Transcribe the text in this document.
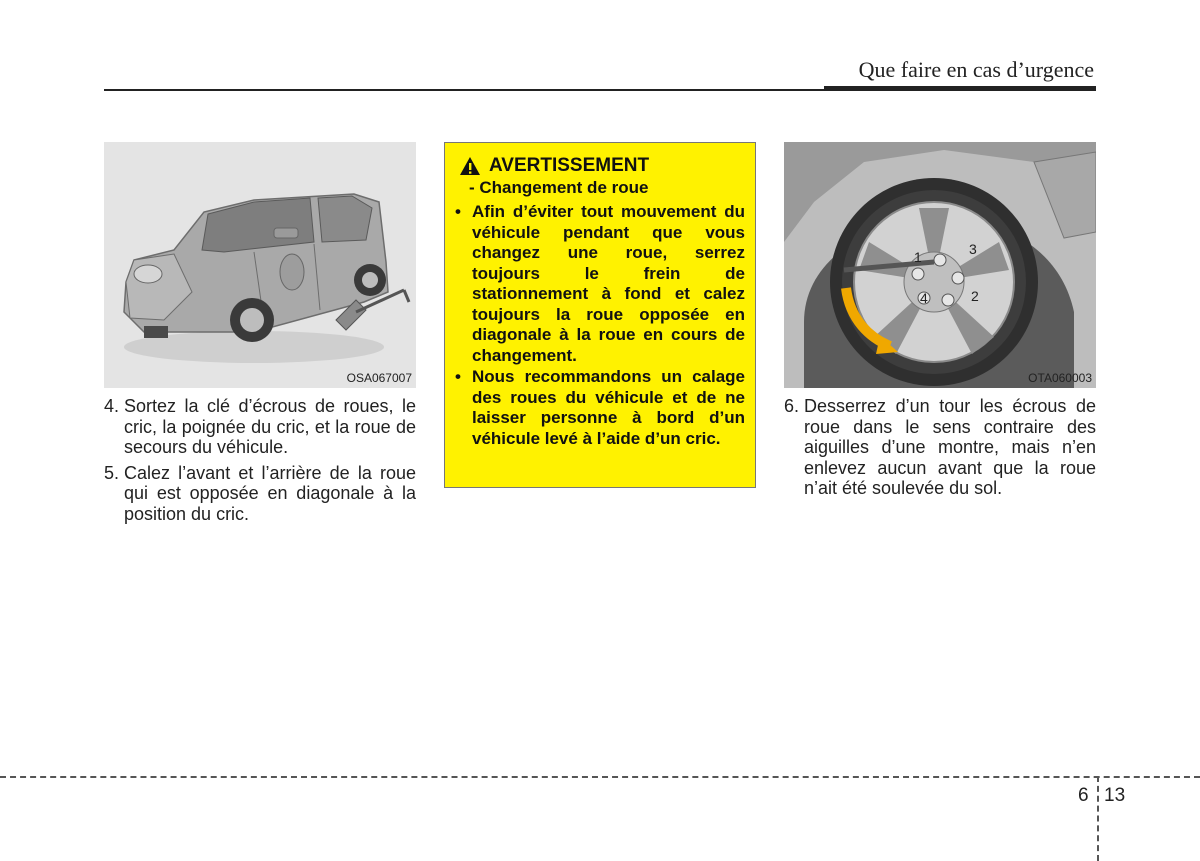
Que faire en cas d’urgence
OSA067007
4. Sortez la clé d’écrous de roues, le cric, la poignée du cric, et la roue de secours du véhicule.
5. Calez l’avant et l’arrière de la roue qui est opposée en diagonale à la position du cric.
AVERTISSEMENT
- Changement de roue
• Afin d’éviter tout mouvement du véhicule pendant que vous changez une roue, serrez toujours le frein de stationnement à fond et calez toujours la roue opposée en diagonale à la roue en cours de changement.
• Nous recommandons un calage des roues du véhicule et de ne laisser personne à bord d’un véhicule levé à l’aide d’un cric.
1
2
3
4
OTA060003
6. Desserrez d’un tour les écrous de roue dans le sens contraire des aiguilles d’une montre, mais n’en enlevez aucun avant que la roue n’ait été soulevée du sol.
6 13
